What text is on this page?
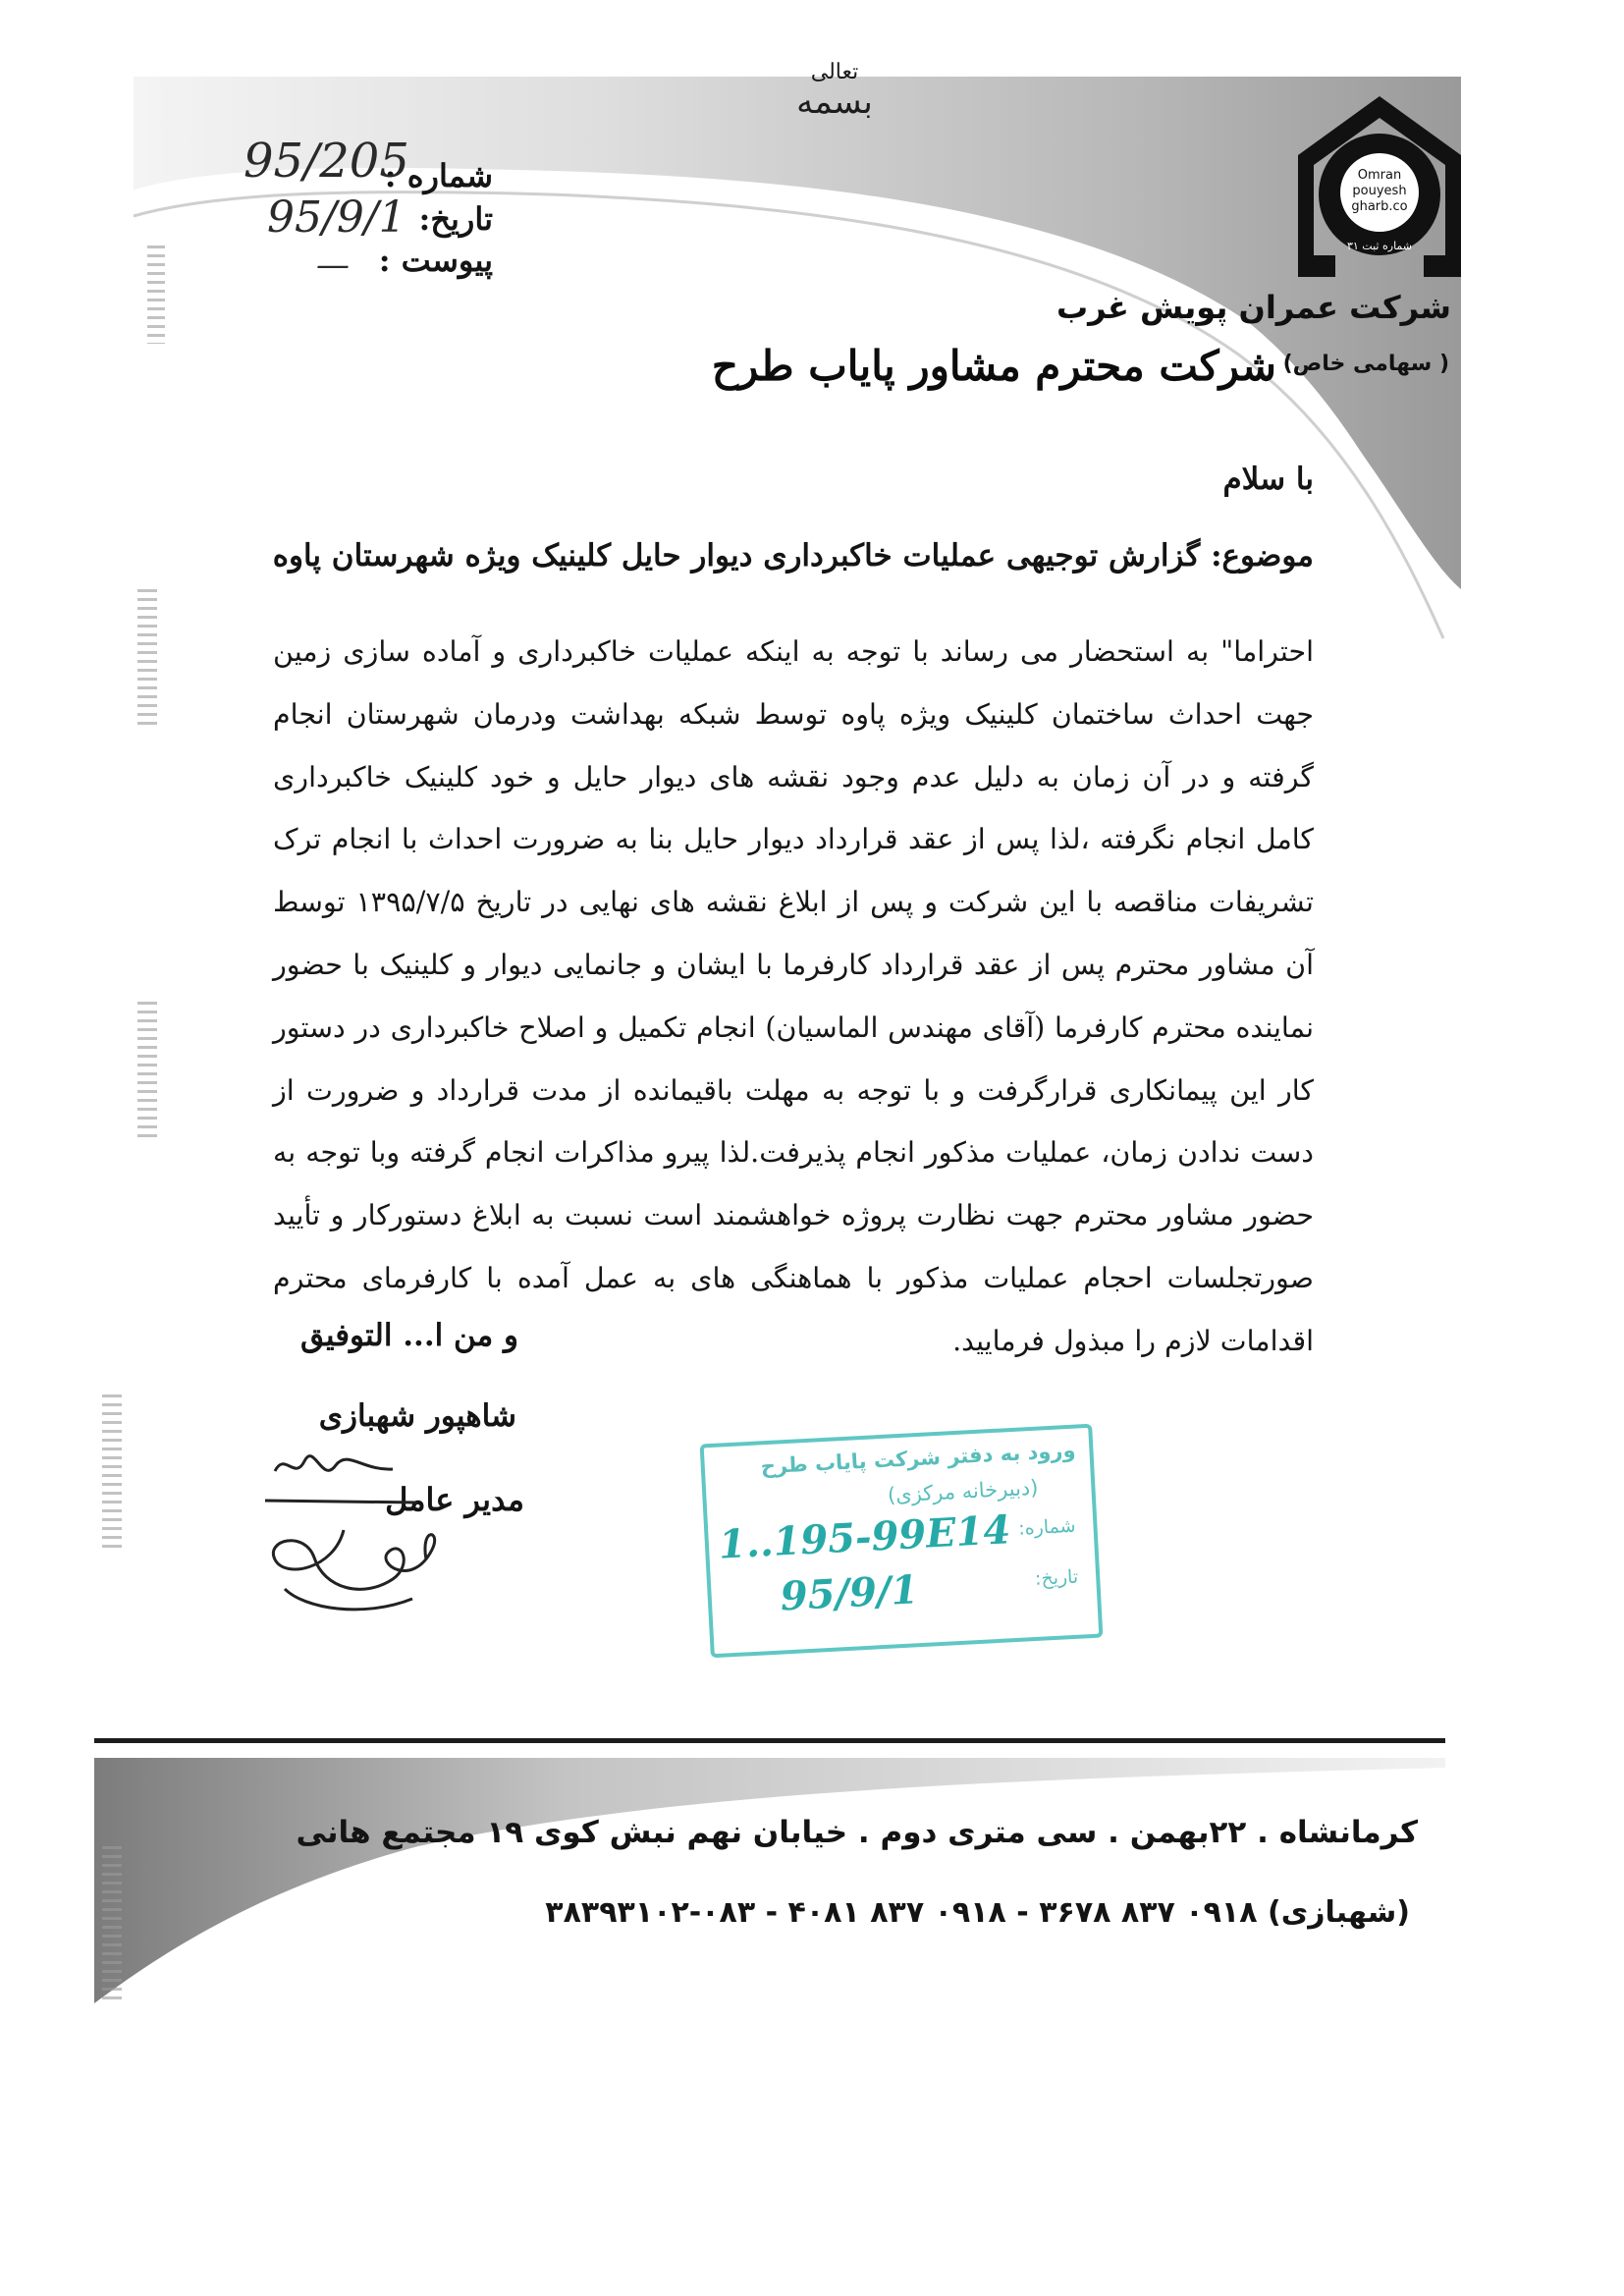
Omran
pouyesh
gharb.co
شماره ثبت ۳۱
تعالی
بسمه
شماره :
تاریخ:
پیوست :
95/205
95/9/1
—
شرکت عمران پویش غرب
( سهامی خاص)
شرکت محترم مشاور پایاب طرح
با سلام
موضوع: گزارش توجیهی عملیات خاکبرداری دیوار حایل کلینیک ویژه شهرستان پاوه
احتراما" به استحضار می رساند با توجه به اینکه عملیات خاکبرداری و آماده سازی زمین جهت احداث ساختمان کلینیک ویژه پاوه توسط شبکه بهداشت ودرمان شهرستان انجام گرفته و در آن زمان به دلیل عدم وجود نقشه های دیوار حایل و خود کلینیک خاکبرداری کامل انجام نگرفته ،لذا پس از عقد قرارداد دیوار حایل بنا به ضرورت احداث با انجام ترک تشریفات مناقصه با این شرکت و پس از ابلاغ نقشه های نهایی در تاریخ ۱۳۹۵/۷/۵ توسط آن مشاور محترم پس از عقد قرارداد کارفرما با ایشان و جانمایی دیوار و کلینیک با حضور نماینده محترم کارفرما (آقای مهندس الماسیان) انجام تکمیل و اصلاح خاکبرداری در دستور کار این پیمانکاری قرارگرفت و با توجه به مهلت باقیمانده از مدت قرارداد و ضرورت از دست ندادن زمان، عملیات مذکور انجام پذیرفت.لذا پیرو مذاکرات انجام گرفته وبا توجه به حضور مشاور محترم جهت نظارت پروژه خواهشمند است نسبت به ابلاغ دستورکار و تأیید صورتجلسات احجام عملیات مذکور با هماهنگی های به عمل آمده با کارفرمای محترم اقدامات لازم را مبذول فرمایید.
و من ا... التوفیق
شاهپور شهبازی
مدیر عامل
ورود به دفتر شرکت پایاب طرح
(دبیرخانه مرکزی)
شماره:
تاریخ:
1..195-99E14
95/9/1
کرمانشاه . ۲۲بهمن . سی متری دوم . خیابان نهم نبش کوی ۱۹ مجتمع هانی
(شهبازی) ۰۹۱۸ ۸۳۷ ۳۶۷۸ - ۰۹۱۸ ۸۳۷ ۴۰۸۱ - ۰۸۳-۳۸۳۹۳۱۰۲
